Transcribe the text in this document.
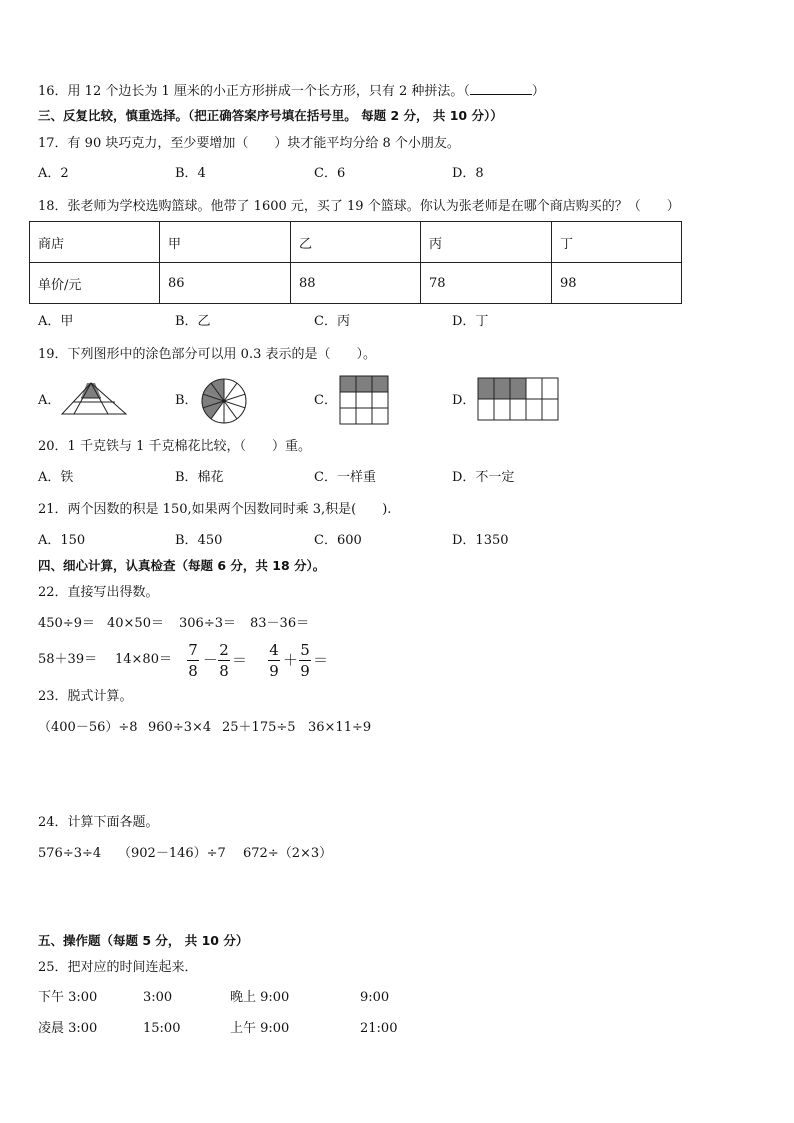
16．用 12 个边长为 1 厘米的小正方形拼成一个长方形，只有 2 种拼法。（	）
三、反复比较，慎重选择。（把正确答案序号填在括号里。 每题 2 分， 共 10 分））
17．有 90 块巧克力，至少要增加（　　）块才能平均分给 8 个小朋友。
A．2	B．4	C．6	D．8
18．张老师为学校选购篮球。他带了 1600 元，买了 19 个篮球。你认为张老师是在哪个商店购买的？（　　）
商店	甲	乙	丙	丁
单价/元	86	88	78	98
A．甲	B．乙	C．丙	D．丁
19．下列图形中的涂色部分可以用 0.3 表示的是（　　）。
A．	B．	C．	D．
20．1 千克铁与 1 千克棉花比较，（　　）重。
A．铁	B．棉花	C．一样重	D．不一定
21．两个因数的积是 150,如果两个因数同时乘 3,积是(　　).
A．150	B．450	C．600	D．1350
四、细心计算，认真检查（每题 6 分，共 18 分）。
22．直接写出得数。
450÷9＝ 40×50＝ 306÷3＝ 83－36＝
58＋39＝ 14×80＝
7
8
－
2
8
＝
4
9
＋
5
9
＝
23．脱式计算。
（400－56）÷8 960÷3×4 25＋175÷5 36×11÷9
24．计算下面各题。
576÷3÷4 （902－146）÷7 672÷（2×3）
五、操作题（每题 5 分， 共 10 分）
25．把对应的时间连起来．
下午 3:00	3:00	晚上 9:00	9:00
凌晨 3:00	15:00	上午 9:00	21:00
